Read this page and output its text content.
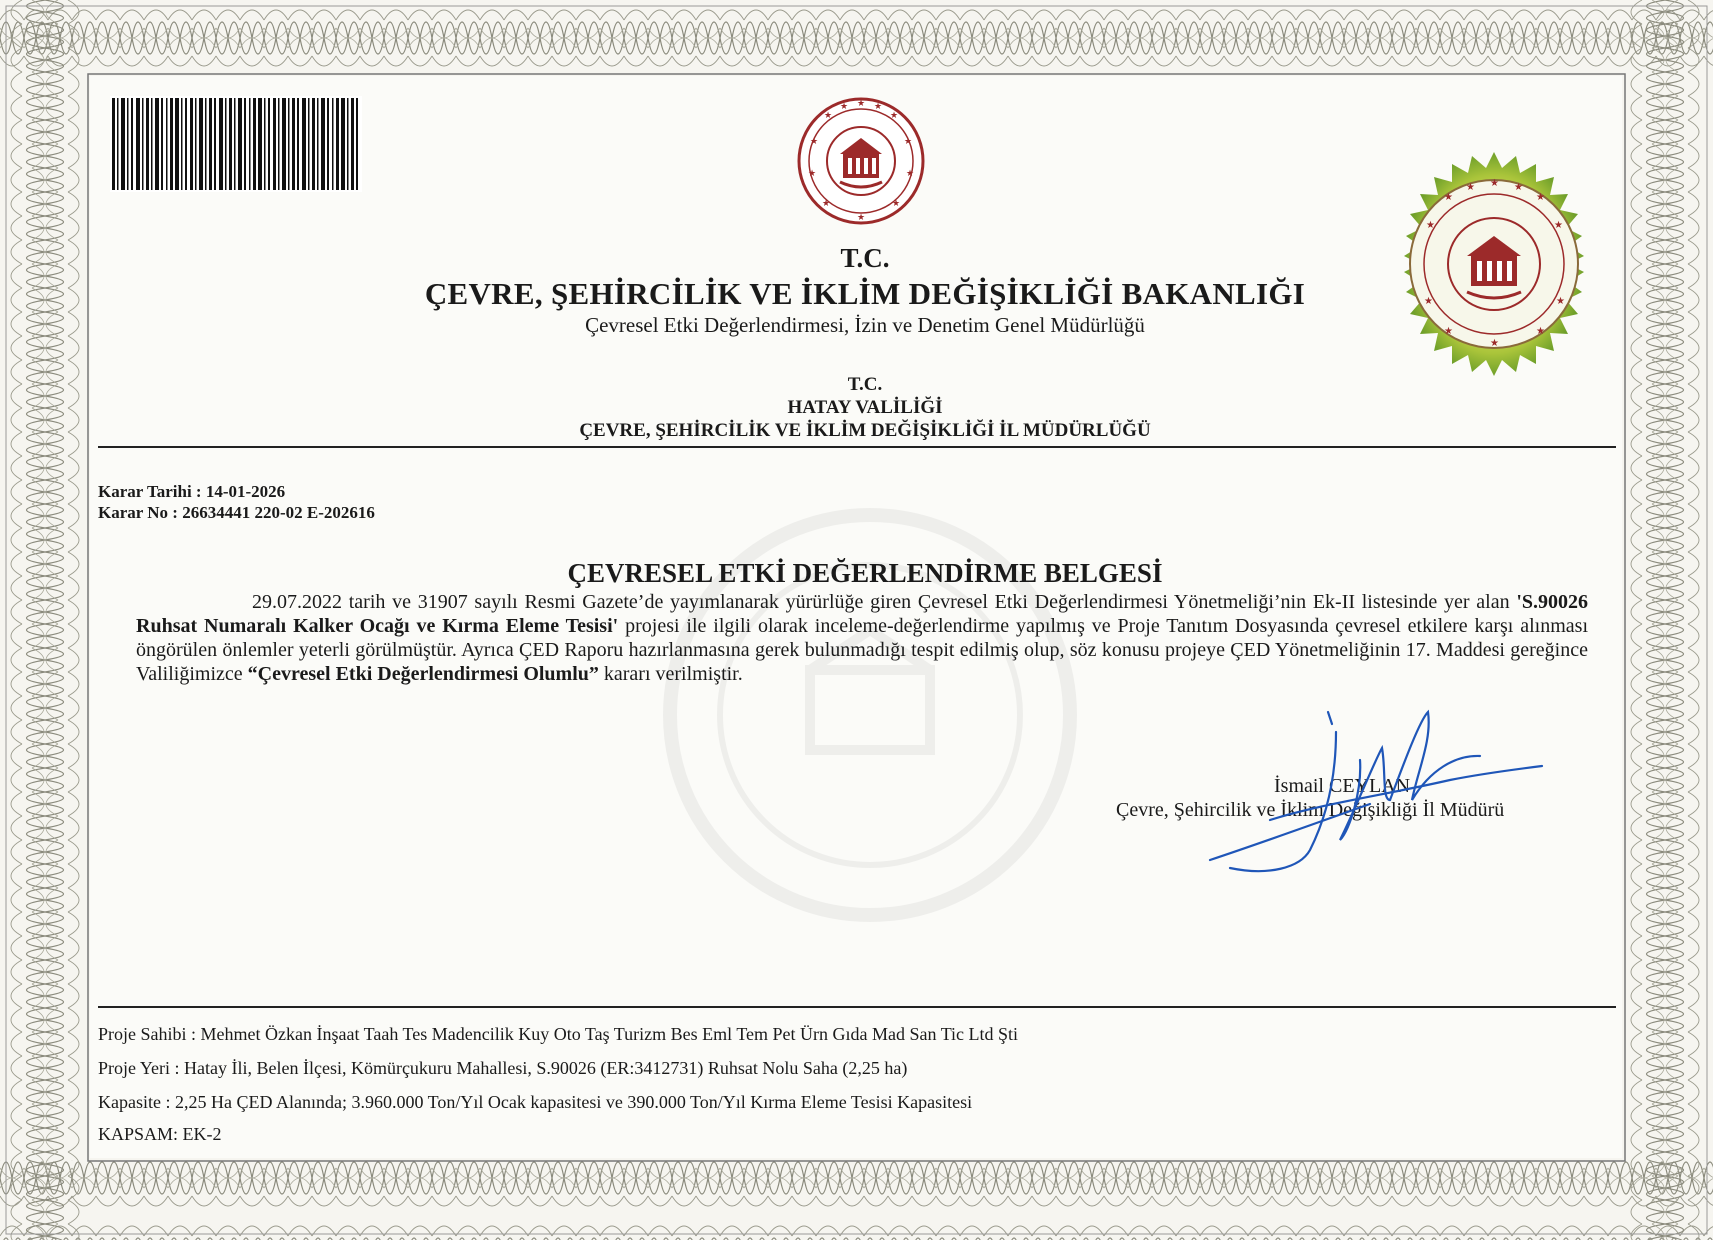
★
★ ★ ★
★
★	★
★	★
★	★
★
★
★ ★ ★
★
★	★
★	★
★	★
★
T.C.
ÇEVRE, ŞEHİRCİLİK VE İKLİM DEĞİŞİKLİĞİ BAKANLIĞI
Çevresel Etki Değerlendirmesi, İzin ve Denetim Genel Müdürlüğü
T.C.
HATAY VALİLİĞİ
ÇEVRE, ŞEHİRCİLİK VE İKLİM DEĞİŞİKLİĞİ İL MÜDÜRLÜĞÜ
Karar Tarihi : 14-01-2026
Karar No : 26634441 220-02 E-202616
ÇEVRESEL ETKİ DEĞERLENDİRME BELGESİ
29.07.2022 tarih ve 31907 sayılı Resmi Gazete’de yayımlanarak yürürlüğe giren Çevresel Etki Değerlendirmesi Yönetmeliği’nin Ek-II listesinde yer alan 'S.90026 Ruhsat Numaralı Kalker Ocağı ve Kırma Eleme Tesisi' projesi ile ilgili olarak inceleme-değerlendirme yapılmış ve Proje Tanıtım Dosyasında çevresel etkilere karşı alınması öngörülen önlemler yeterli görülmüştür. Ayrıca ÇED Raporu hazırlanmasına gerek bulunmadığı tespit edilmiş olup, söz konusu projeye ÇED Yönetmeliğinin 17. Maddesi gereğince Valiliğimizce “Çevresel Etki Değerlendirmesi Olumlu” kararı verilmiştir.
İsmail CEYLAN
Çevre, Şehircilik ve İklim Değişikliği İl Müdürü
Proje Sahibi : Mehmet Özkan İnşaat Taah Tes Madencilik Kuy Oto Taş Turizm Bes Eml Tem Pet Ürn Gıda Mad San Tic Ltd Şti
Proje Yeri : Hatay İli, Belen İlçesi, Kömürçukuru Mahallesi, S.90026 (ER:3412731) Ruhsat Nolu Saha (2,25 ha)
Kapasite : 2,25 Ha ÇED Alanında; 3.960.000 Ton/Yıl Ocak kapasitesi ve 390.000 Ton/Yıl Kırma Eleme Tesisi Kapasitesi
KAPSAM: EK-2
